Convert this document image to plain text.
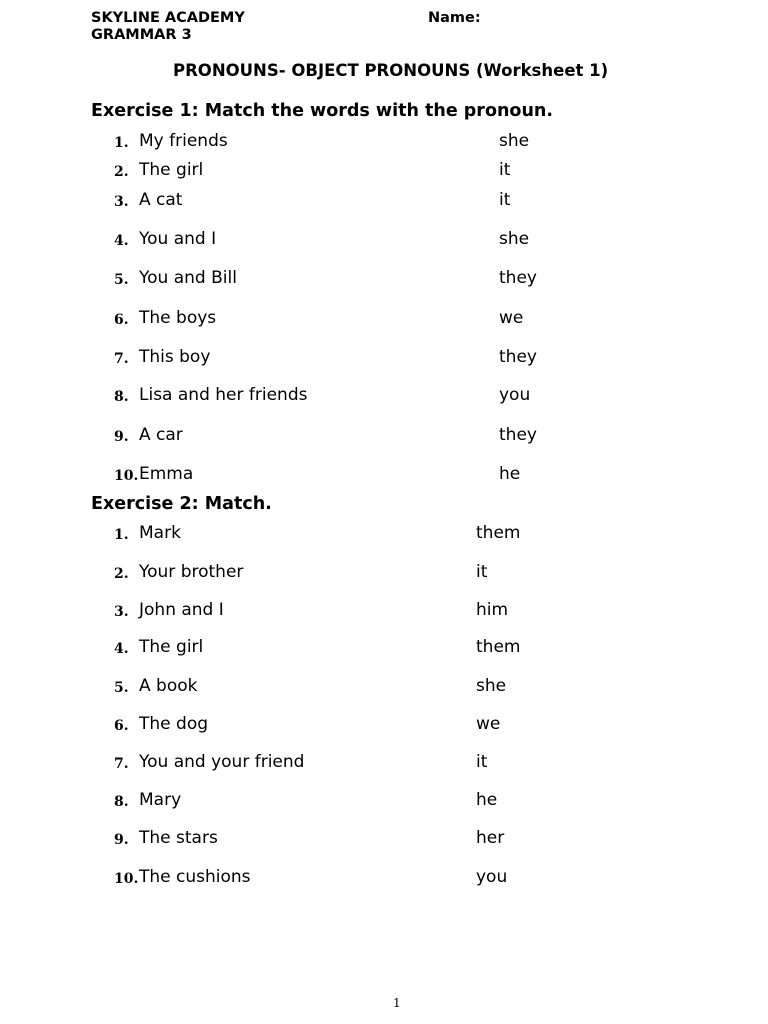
SKYLINE ACADEMY
GRAMMAR 3
Name:
PRONOUNS- OBJECT PRONOUNS (Worksheet 1)
Exercise 1: Match the words with the pronoun.
1. My friends	she
2. The girl	it
3. A cat	it
4. You and I	she
5. You and Bill	they
6. The boys	we
7. This boy	they
8. Lisa and her friends	you
9. A car	they
10. Emma	he
Exercise 2: Match.
1. Mark	them
2. Your brother	it
3. John and I	him
4. The girl	them
5. A book	she
6. The dog	we
7. You and your friend	it
8. Mary	he
9. The stars	her
10. The cushions	you
1
